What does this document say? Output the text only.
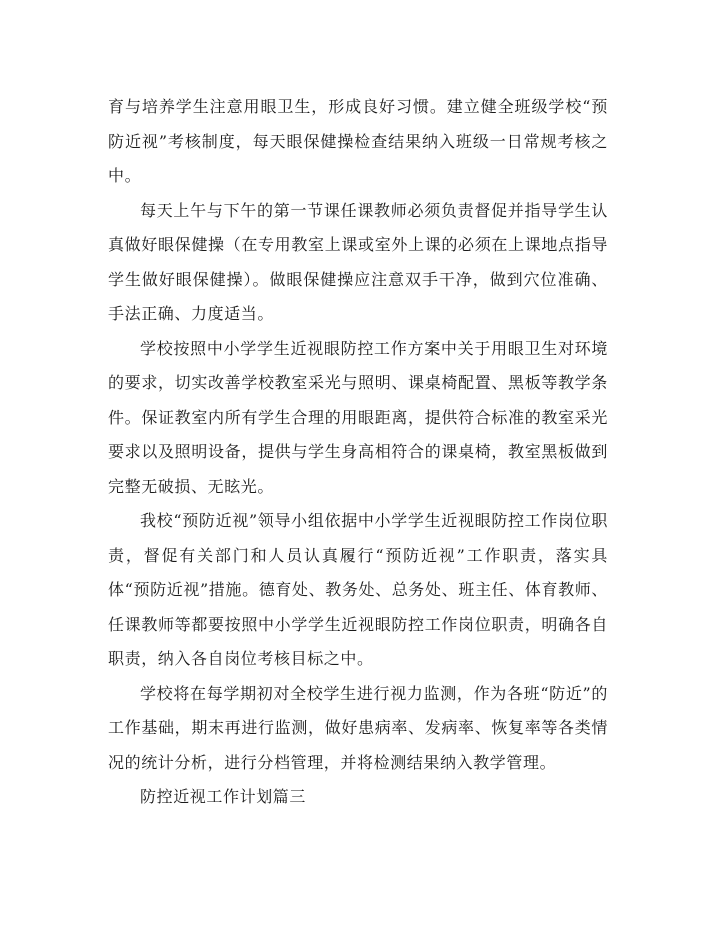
育与培养学生注意用眼卫生，形成良好习惯。建立健全班级学校“预防近视”考核制度，每天眼保健操检查结果纳入班级一日常规考核之中。

每天上午与下午的第一节课任课教师必须负责督促并指导学生认真做好眼保健操（在专用教室上课或室外上课的必须在上课地点指导学生做好眼保健操）。做眼保健操应注意双手干净，做到穴位准确、手法正确、力度适当。

学校按照中小学学生近视眼防控工作方案中关于用眼卫生对环境的要求，切实改善学校教室采光与照明、课桌椅配置、黑板等教学条件。保证教室内所有学生合理的用眼距离，提供符合标准的教室采光要求以及照明设备，提供与学生身高相符合的课桌椅，教室黑板做到完整无破损、无眩光。

我校“预防近视”领导小组依据中小学学生近视眼防控工作岗位职责，督促有关部门和人员认真履行“预防近视”工作职责，落实具体“预防近视”措施。德育处、教务处、总务处、班主任、体育教师、任课教师等都要按照中小学学生近视眼防控工作岗位职责，明确各自职责，纳入各自岗位考核目标之中。

学校将在每学期初对全校学生进行视力监测，作为各班“防近”的工作基础，期末再进行监测，做好患病率、发病率、恢复率等各类情况的统计分析，进行分档管理，并将检测结果纳入教学管理。

防控近视工作计划篇三
